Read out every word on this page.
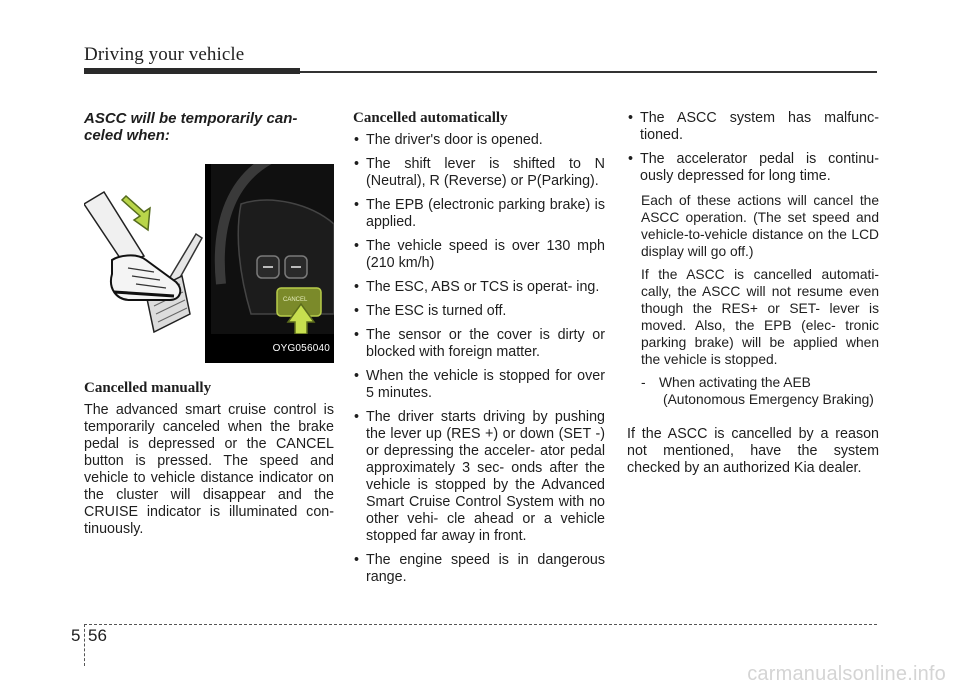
Driving your vehicle
ASCC will be temporarily can- celed when:
CANCEL
OYG056040
Cancelled manually

The advanced smart cruise control is temporarily canceled when the brake pedal is depressed or the CANCEL button is pressed. The speed and vehicle to vehicle distance indicator on the cluster will disappear and the CRUISE indicator is illuminated con- tinuously.

Cancelled automatically
• The driver's door is opened.
• The shift lever is shifted to N (Neutral), R (Reverse) or P(Parking).
• The EPB (electronic parking brake) is applied.
• The vehicle speed is over 130 mph (210 km/h)
• The ESC, ABS or TCS is operat- ing.
• The ESC is turned off.
• The sensor or the cover is dirty or blocked with foreign matter.
• When the vehicle is stopped for over 5 minutes.
• The driver starts driving by pushing the lever up (RES +) or down (SET -) or depressing the acceler- ator pedal approximately 3 sec- onds after the vehicle is stopped by the Advanced Smart Cruise Control System with no other vehi- cle ahead or a vehicle stopped far away in front.
• The engine speed is in dangerous range.
• The ASCC system has malfunc- tioned.
• The accelerator pedal is continu- ously depressed for long time.

Each of these actions will cancel the ASCC operation. (The set speed and vehicle-to-vehicle distance on the LCD display will go off.)

If the ASCC is cancelled automati- cally, the ASCC will not resume even though the RES+ or SET- lever is moved. Also, the EPB (elec- tronic parking brake) will be applied when the vehicle is stopped.

- When activating the AEB
(Autonomous Emergency Braking)

If the ASCC is cancelled by a reason not mentioned, have the system checked by an authorized Kia dealer.

5 56
carmanualsonline.info
